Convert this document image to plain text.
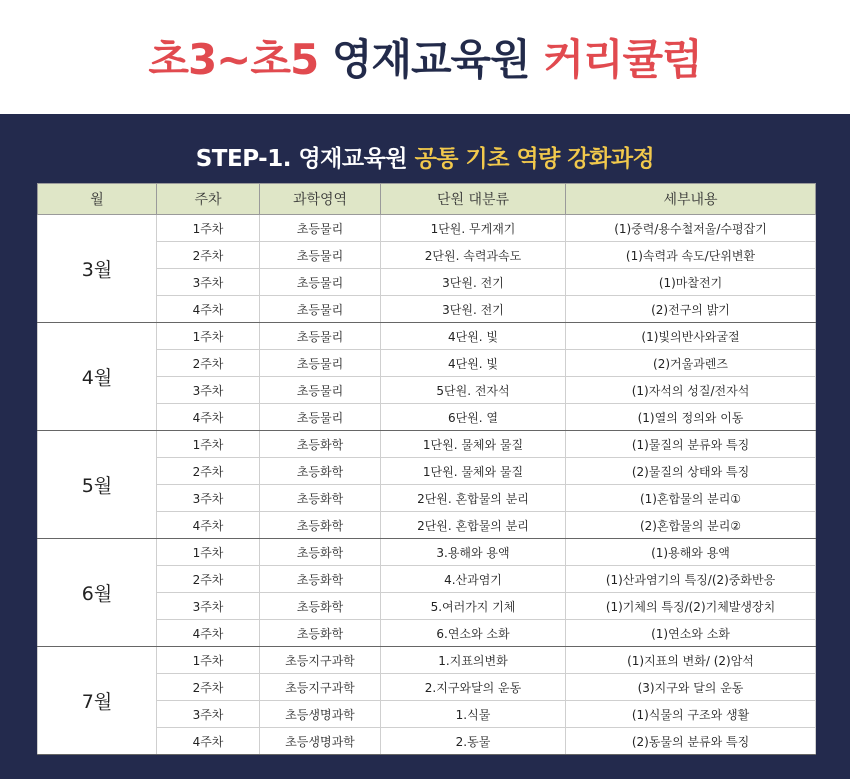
초3~초5 영재교육원 커리큘럼
STEP-1. 영재교육원 공통 기초 역량 강화과정
월	주차	과학영역	단원 대분류	세부내용
3월	1주차	초등물리	1단원. 무게재기	(1)중력/용수철저울/수평잡기
	2주차	초등물리	2단원. 속력과속도	(1)속력과 속도/단위변환
	3주차	초등물리	3단원. 전기	(1)마찰전기
	4주차	초등물리	3단원. 전기	(2)전구의 밝기
4월	1주차	초등물리	4단원. 빛	(1)빛의반사와굴절
	2주차	초등물리	4단원. 빛	(2)거울과렌즈
	3주차	초등물리	5단원. 전자석	(1)자석의 성질/전자석
	4주차	초등물리	6단원. 열	(1)열의 정의와 이동
5월	1주차	초등화학	1단원. 물체와 물질	(1)물질의 분류와 특징
	2주차	초등화학	1단원. 물체와 물질	(2)물질의 상태와 특징
	3주차	초등화학	2단원. 혼합물의 분리	(1)혼합물의 분리①
	4주차	초등화학	2단원. 혼합물의 분리	(2)혼합물의 분리②
6월	1주차	초등화학	3.용해와 용액	(1)용해와 용액
	2주차	초등화학	4.산과염기	(1)산과염기의 특징/(2)중화반응
	3주차	초등화학	5.여러가지 기체	(1)기체의 특징/(2)기체발생장치
	4주차	초등화학	6.연소와 소화	(1)연소와 소화
7월	1주차	초등지구과학	1.지표의변화	(1)지표의 변화/ (2)암석
	2주차	초등지구과학	2.지구와달의 운동	(3)지구와 달의 운동
	3주차	초등생명과학	1.식물	(1)식물의 구조와 생활
	4주차	초등생명과학	2.동물	(2)동물의 분류와 특징
